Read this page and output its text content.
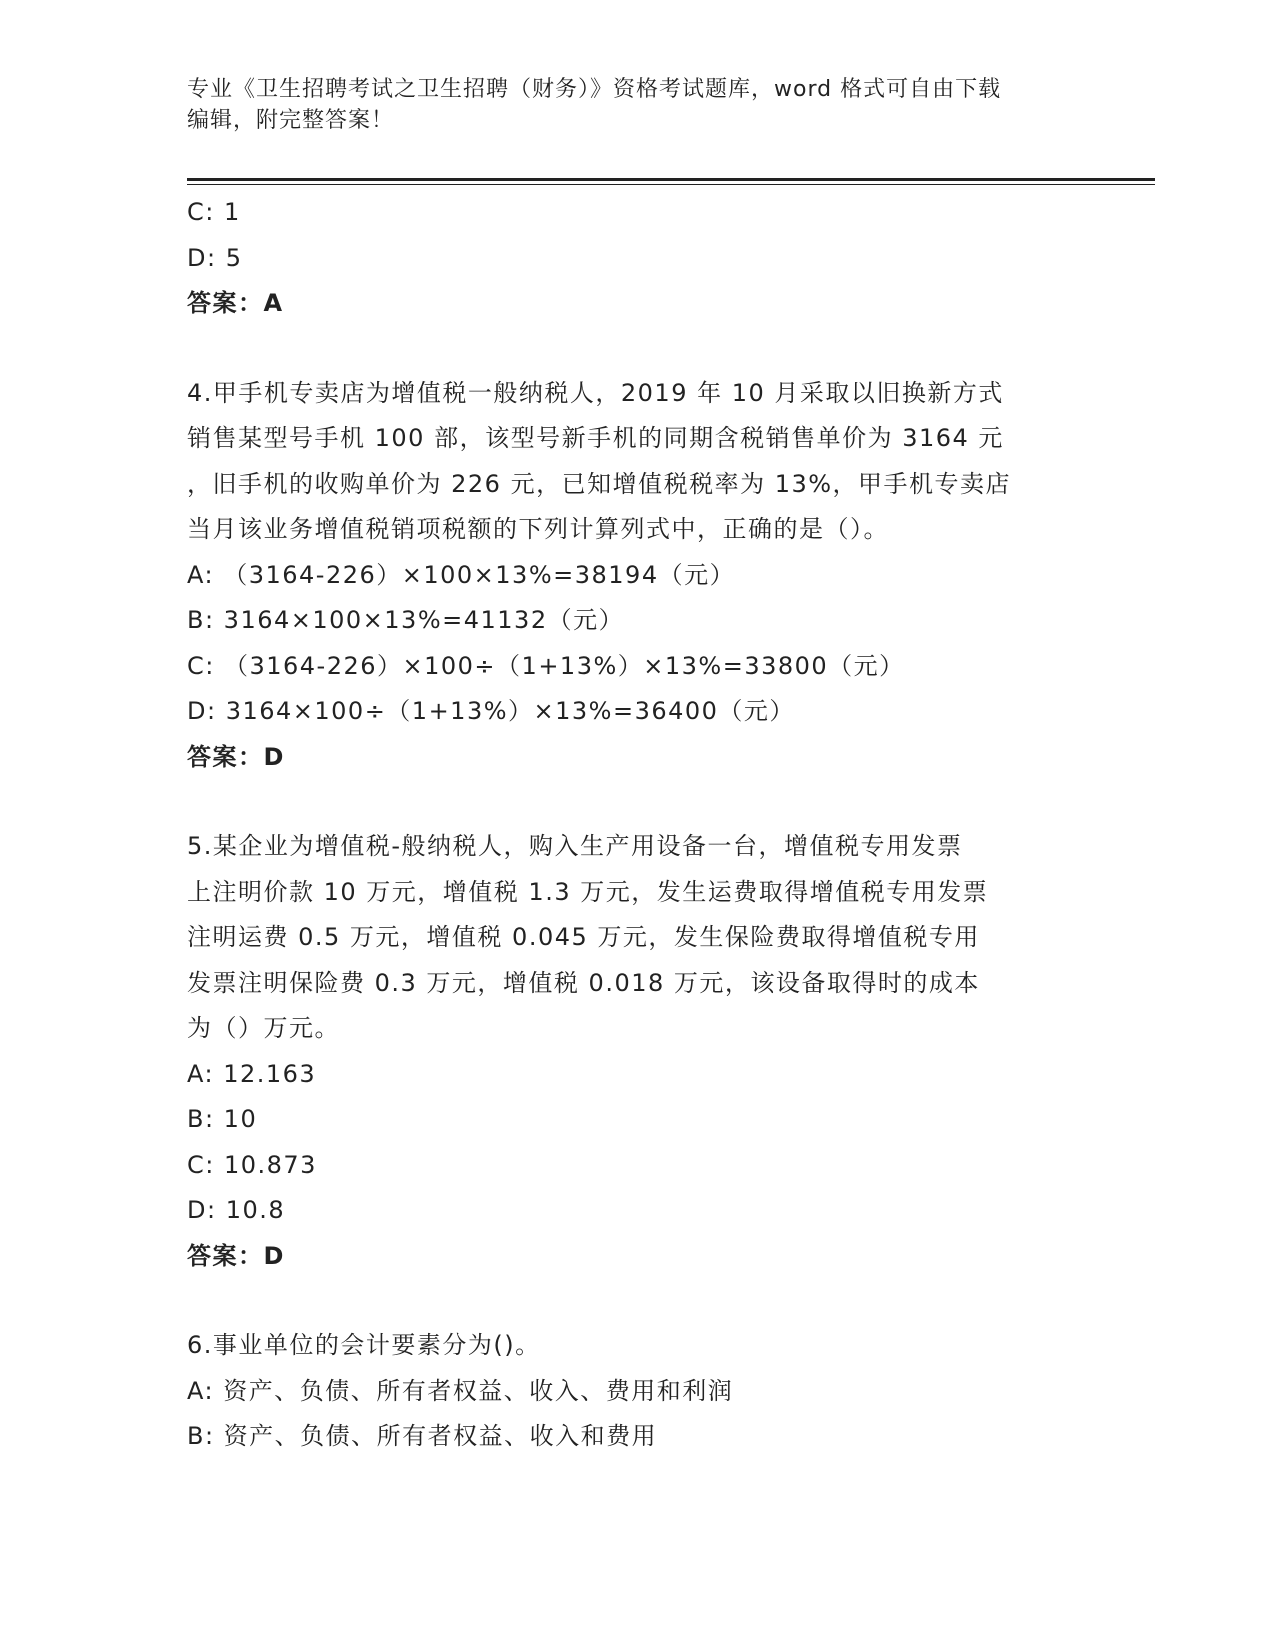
专业《卫生招聘考试之卫生招聘（财务）》资格考试题库，word 格式可自由下载
编辑，附完整答案！
C: 1
D: 5
答案：A
4.甲手机专卖店为增值税一般纳税人，2019 年 10 月采取以旧换新方式
销售某型号手机 100 部，该型号新手机的同期含税销售单价为 3164 元
，旧手机的收购单价为 226 元，已知增值税税率为 13%，甲手机专卖店
当月该业务增值税销项税额的下列计算列式中，正确的是（）。
A: （3164-226）×100×13%=38194（元）
B: 3164×100×13%=41132（元）
C: （3164-226）×100÷（1+13%）×13%=33800（元）
D: 3164×100÷（1+13%）×13%=36400（元）
答案：D
5.某企业为增值税-般纳税人，购入生产用设备一台，增值税专用发票
上注明价款 10 万元，增值税 1.3 万元，发生运费取得增值税专用发票
注明运费 0.5 万元，增值税 0.045 万元，发生保险费取得增值税专用
发票注明保险费 0.3 万元，增值税 0.018 万元，该设备取得时的成本
为（）万元。
A: 12.163
B: 10
C: 10.873
D: 10.8
答案：D
6.事业单位的会计要素分为()。
A: 资产、负债、所有者权益、收入、费用和利润
B: 资产、负债、所有者权益、收入和费用
